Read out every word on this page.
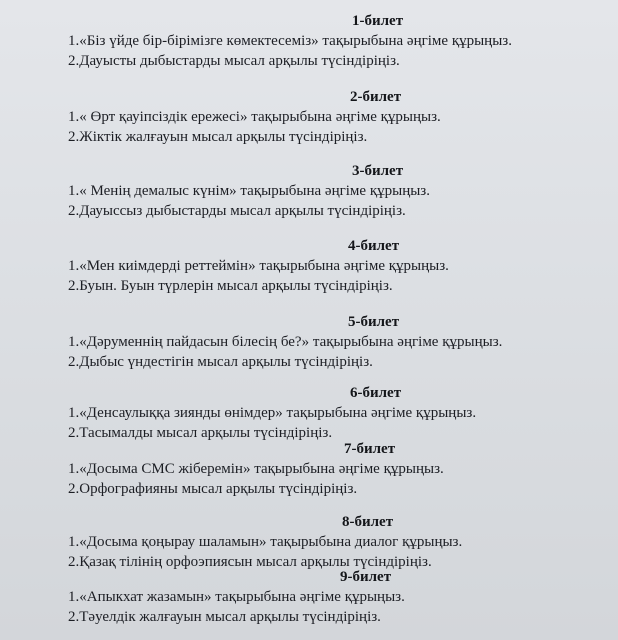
1-билет
1.«Біз үйде бір-бірімізге көмектесеміз» тақырыбына әңгіме құрыңыз.
2.Дауысты дыбыстарды мысал арқылы түсіндіріңіз.
2-билет
1.« Өрт қауіпсіздік ережесі» тақырыбына әңгіме құрыңыз.
2.Жіктік жалғауын мысал арқылы түсіндіріңіз.
3-билет
1.« Менің демалыс күнім» тақырыбына әңгіме құрыңыз.
2.Дауыссыз дыбыстарды мысал арқылы түсіндіріңіз.
4-билет
1.«Мен киімдерді реттеймін» тақырыбына әңгіме құрыңыз.
2.Буын. Буын түрлерін мысал арқылы түсіндіріңіз.
5-билет
1.«Дәруменнің пайдасын білесің бе?» тақырыбына әңгіме құрыңыз.
2.Дыбыс үндестігін мысал арқылы түсіндіріңіз.
6-билет
1.«Денсаулыққа зиянды өнімдер» тақырыбына әңгіме құрыңыз.
2.Тасымалды мысал арқылы түсіндіріңіз.
7-билет
1.«Досыма СМС жіберемін» тақырыбына әңгіме құрыңыз.
2.Орфографияны мысал арқылы түсіндіріңіз.
8-билет
1.«Досыма қоңырау шаламын» тақырыбына диалог құрыңыз.
2.Қазақ тілінің орфоэпиясын мысал арқылы түсіндіріңіз.
9-билет
1.«Апыкхат жазамын» тақырыбына әңгіме құрыңыз.
2.Тәуелдік жалғауын мысал арқылы түсіндіріңіз.
